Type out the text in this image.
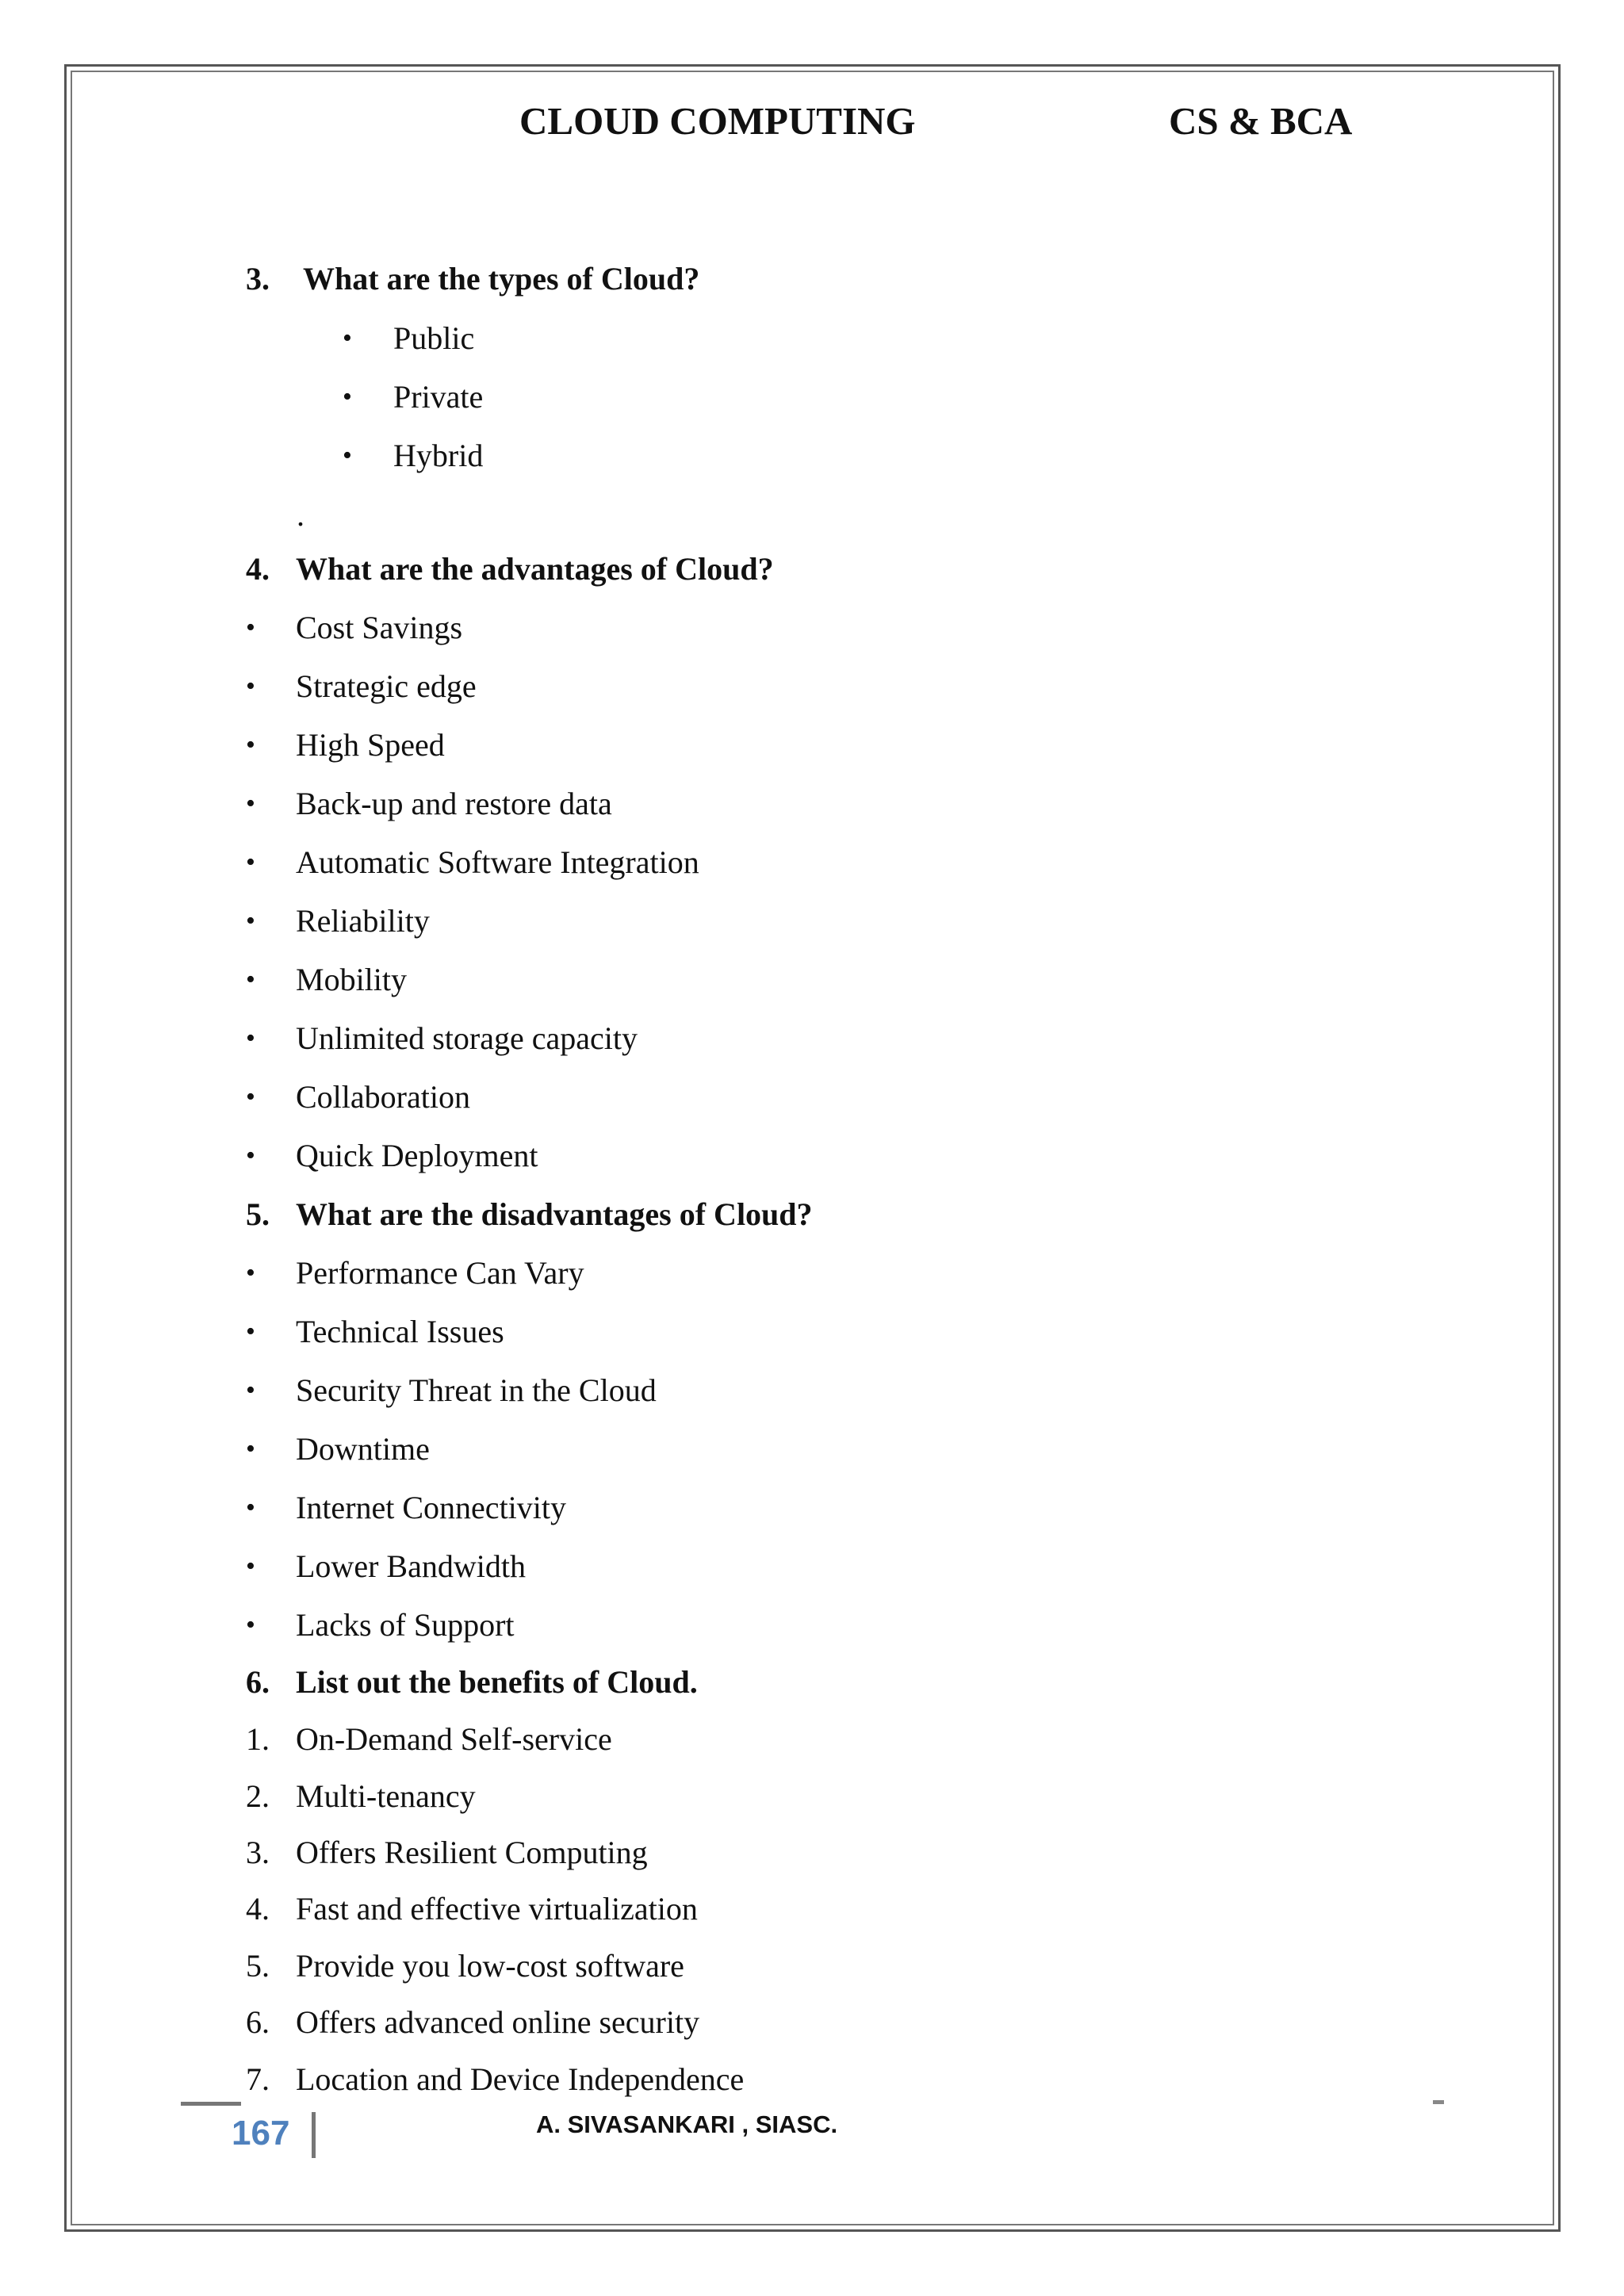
CLOUD COMPUTING	CS & BCA
3. What are the types of Cloud?
• Public
• Private
• Hybrid
.
4. What are the advantages of Cloud?
• Cost Savings
• Strategic edge
• High Speed
• Back-up and restore data
• Automatic Software Integration
• Reliability
• Mobility
• Unlimited storage capacity
• Collaboration
• Quick Deployment
5. What are the disadvantages of Cloud?
• Performance Can Vary
• Technical Issues
• Security Threat in the Cloud
• Downtime
• Internet Connectivity
• Lower Bandwidth
• Lacks of Support
6. List out the benefits of Cloud.
1. On-Demand Self-service
2. Multi-tenancy
3. Offers Resilient Computing
4. Fast and effective virtualization
5. Provide you low-cost software
6. Offers advanced online security
7. Location and Device Independence
167	A. SIVASANKARI , SIASC.
